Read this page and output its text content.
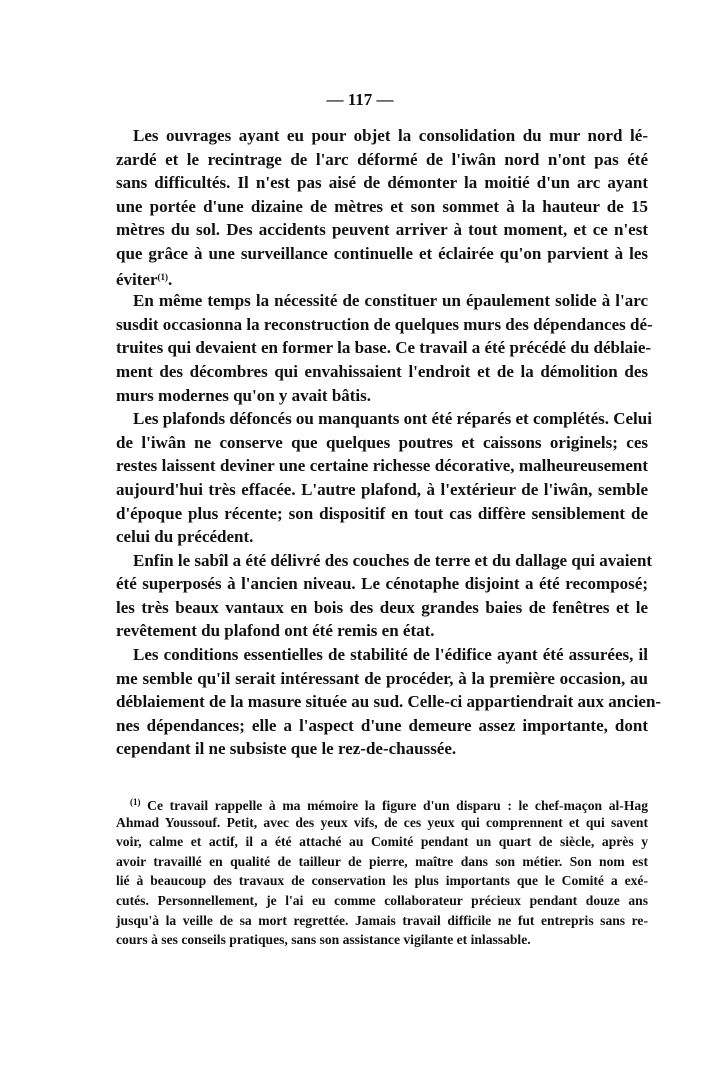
— 117 —
Les ouvrages ayant eu pour objet la consolidation du mur nord lé-
zardé et le recintrage de l'arc déformé de l'iwân nord n'ont pas été
sans difficultés. Il n'est pas aisé de démonter la moitié d'un arc ayant
une portée d'une dizaine de mètres et son sommet à la hauteur de 15
mètres du sol. Des accidents peuvent arriver à tout moment, et ce n'est
que grâce à une surveillance continuelle et éclairée qu'on parvient à les
éviter$^{(1)}$.
En même temps la nécessité de constituer un épaulement solide à l'arc
susdit occasionna la reconstruction de quelques murs des dépendances dé-
truites qui devaient en former la base. Ce travail a été précédé du déblaie-
ment des décombres qui envahissaient l'endroit et de la démolition des
murs modernes qu'on y avait bâtis.
Les plafonds défoncés ou manquants ont été réparés et complétés. Celui
de l'iwân ne conserve que quelques poutres et caissons originels; ces
restes laissent deviner une certaine richesse décorative, malheureusement
aujourd'hui très effacée. L'autre plafond, à l'extérieur de l'iwân, semble
d'époque plus récente; son dispositif en tout cas diffère sensiblement de
celui du précédent.
Enfin le sabîl a été délivré des couches de terre et du dallage qui avaient
été superposés à l'ancien niveau. Le cénotaphe disjoint a été recomposé;
les très beaux vantaux en bois des deux grandes baies de fenêtres et le
revêtement du plafond ont été remis en état.
Les conditions essentielles de stabilité de l'édifice ayant été assurées, il
me semble qu'il serait intéressant de procéder, à la première occasion, au
déblaiement de la masure située au sud. Celle-ci appartiendrait aux ancien-
nes dépendances; elle a l'aspect d'une demeure assez importante, dont
cependant il ne subsiste que le rez-de-chaussée.
$^{(1)}$ Ce travail rappelle à ma mémoire la figure d'un disparu : le chef-maçon al-Hag
Ahmad Youssouf. Petit, avec des yeux vifs, de ces yeux qui comprennent et qui savent
voir, calme et actif, il a été attaché au Comité pendant un quart de siècle, après y
avoir travaillé en qualité de tailleur de pierre, maître dans son métier. Son nom est
lié à beaucoup des travaux de conservation les plus importants que le Comité a exé-
cutés. Personnellement, je l'ai eu comme collaborateur précieux pendant douze ans
jusqu'à la veille de sa mort regrettée. Jamais travail difficile ne fut entrepris sans re-
cours à ses conseils pratiques, sans son assistance vigilante et inlassable.
